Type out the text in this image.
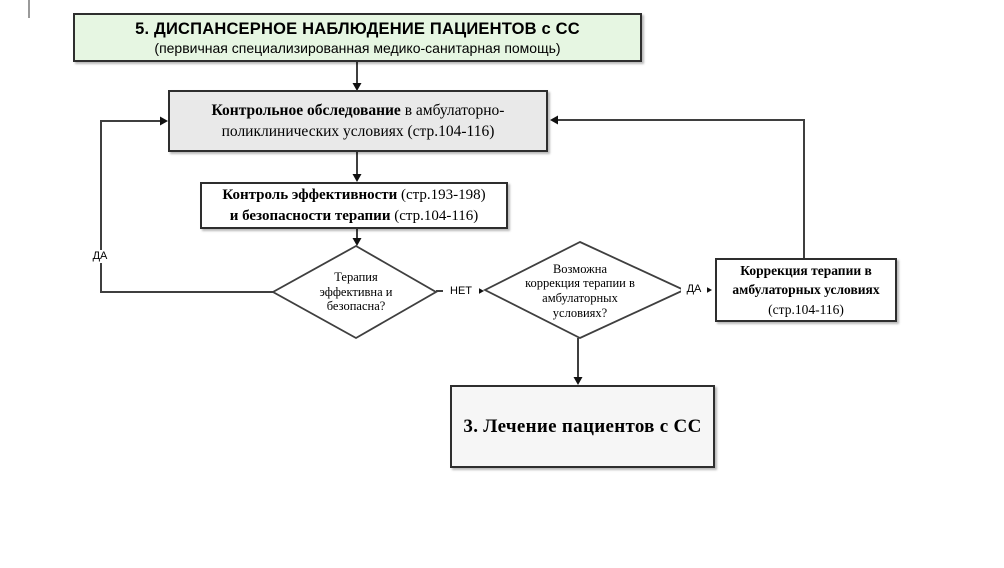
5. ДИСПАНСЕРНОЕ НАБЛЮДЕНИЕ ПАЦИЕНТОВ с СС
(первичная специализированная медико-санитарная помощь)
Контрольное обследование в амбулаторно-
поликлинических условиях (стр.104-116)
Контроль эффективности (стр.193-198)
и безопасности терапии (стр.104-116)
Терапия
эффективна и
безопасна?
Возможна
коррекция терапии в
амбулаторных
условиях?
Коррекция терапии в
амбулаторных условиях
(стр.104-116)
3. Лечение пациентов с СС
ДА
НЕТ	ДА
